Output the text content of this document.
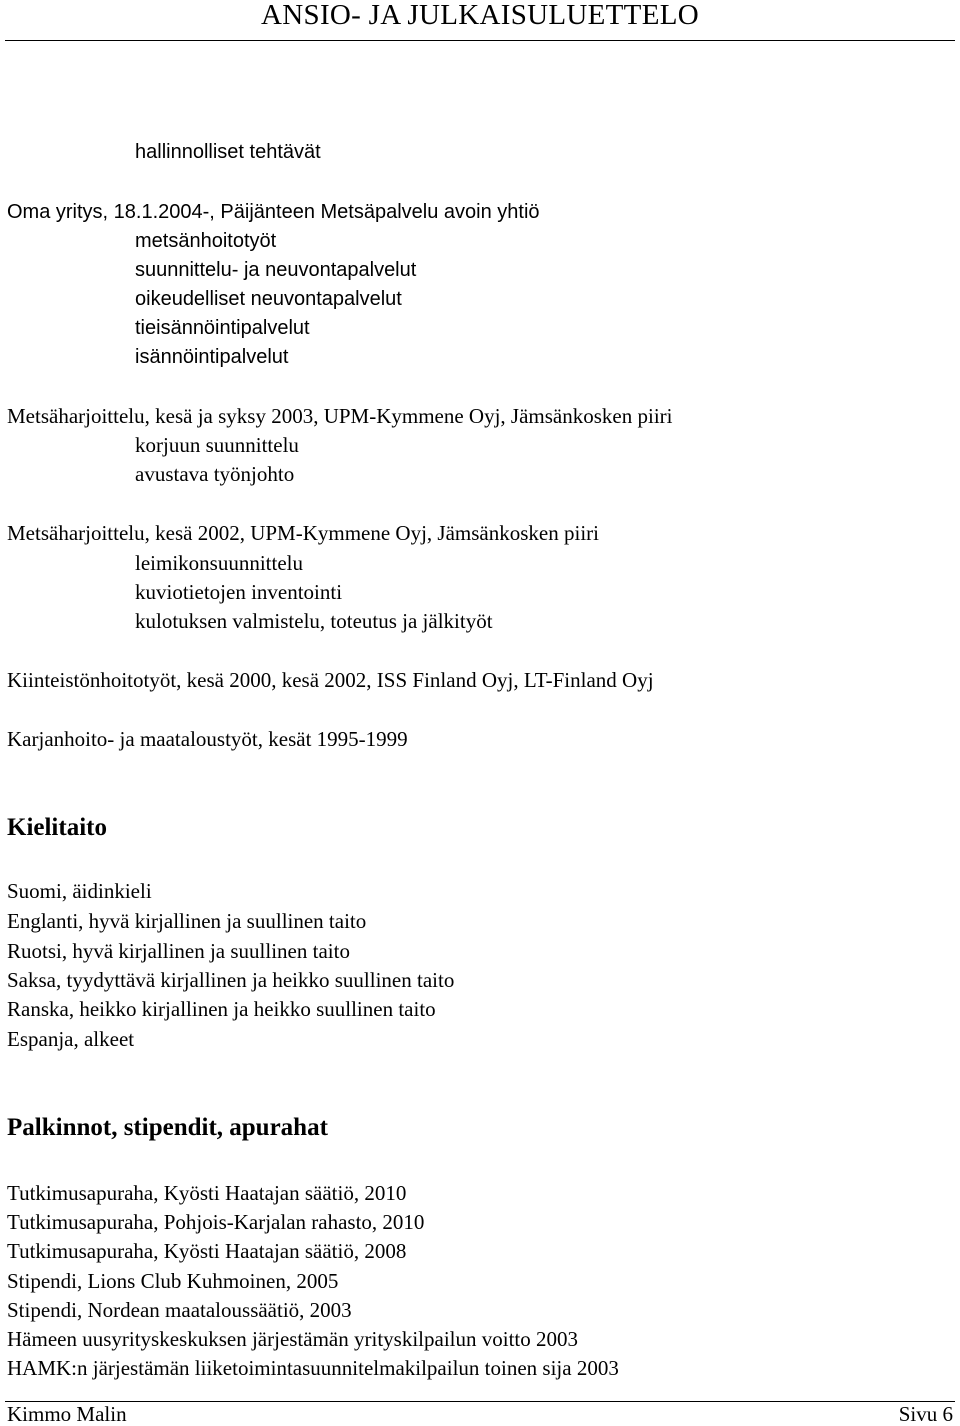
ANSIO- JA JULKAISULUETTELO
hallinnolliset tehtävät
Oma yritys, 18.1.2004-, Päijänteen Metsäpalvelu avoin yhtiö
metsänhoitotyöt
suunnittelu- ja neuvontapalvelut
oikeudelliset neuvontapalvelut
tieisännöintipalvelut
isännöintipalvelut
Metsäharjoittelu, kesä ja syksy 2003, UPM-Kymmene Oyj, Jämsänkosken piiri
korjuun suunnittelu
avustava työnjohto
Metsäharjoittelu, kesä 2002, UPM-Kymmene Oyj, Jämsänkosken piiri
leimikonsuunnittelu
kuviotietojen inventointi
kulotuksen valmistelu, toteutus ja jälkityöt
Kiinteistönhoitotyöt, kesä 2000, kesä 2002, ISS Finland Oyj, LT-Finland Oyj
Karjanhoito- ja maataloustyöt, kesät 1995-1999
Kielitaito
Suomi, äidinkieli
Englanti, hyvä kirjallinen ja suullinen taito
Ruotsi, hyvä kirjallinen ja suullinen taito
Saksa, tyydyttävä kirjallinen ja heikko suullinen taito
Ranska, heikko kirjallinen ja heikko suullinen taito
Espanja, alkeet
Palkinnot, stipendit, apurahat
Tutkimusapuraha, Kyösti Haatajan säätiö, 2010
Tutkimusapuraha, Pohjois-Karjalan rahasto, 2010
Tutkimusapuraha, Kyösti Haatajan säätiö, 2008
Stipendi, Lions Club Kuhmoinen, 2005
Stipendi, Nordean maataloussäätiö, 2003
Hämeen uusyrityskeskuksen järjestämän yrityskilpailun voitto 2003
HAMK:n järjestämän liiketoimintasuunnitelmakilpailun toinen sija 2003
Kimmo Malin	Sivu 6
